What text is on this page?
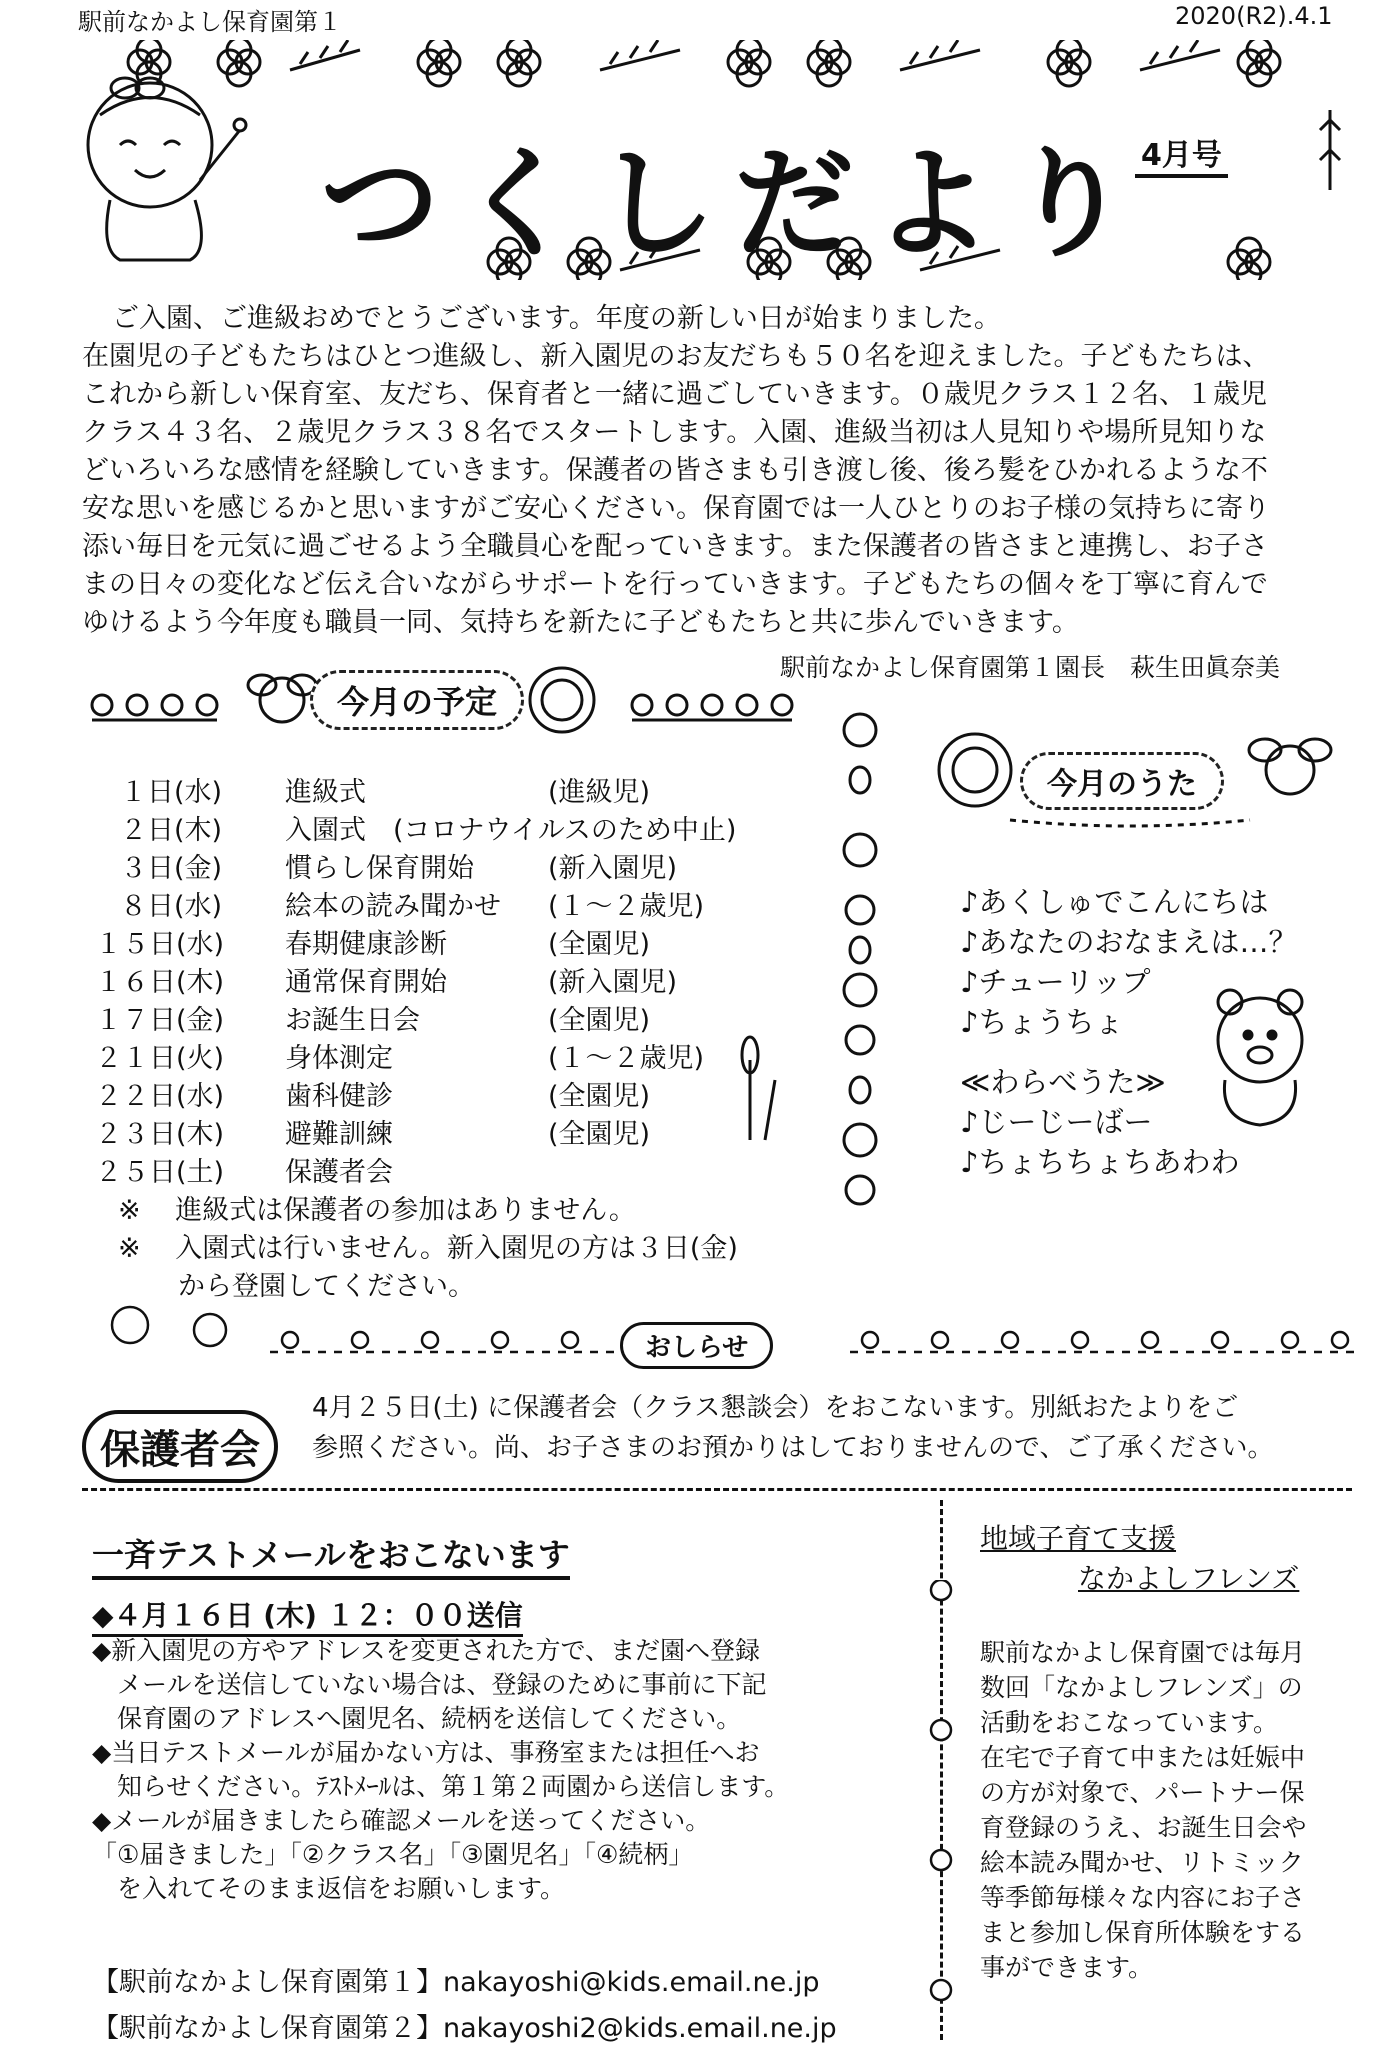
駅前なかよし保育園第１	2020(R2).4.1
つくしだより
4月号

ご入園、ご進級おめでとうございます。年度の新しい日が始まりました。

在園児の子どもたちはひとつ進級し、新入園児のお友だちも５０名を迎えました。子どもたちは、

これから新しい保育室、友だち、保育者と一緒に過ごしていきます。０歳児クラス１２名、１歳児

クラス４３名、２歳児クラス３８名でスタートします。入園、進級当初は人見知りや場所見知りな

どいろいろな感情を経験していきます。保護者の皆さまも引き渡し後、後ろ髪をひかれるような不

安な思いを感じるかと思いますがご安心ください。保育園では一人ひとりのお子様の気持ちに寄り

添い毎日を元気に過ごせるよう全職員心を配っていきます。また保護者の皆さまと連携し、お子さ

まの日々の変化など伝え合いながらサポートを行っていきます。子どもたちの個々を丁寧に育んで

ゆけるよう今年度も職員一同、気持ちを新たに子どもたちと共に歩んでいきます。

駅前なかよし保育園第１園長　萩生田眞奈美
今月の予定
１日(水) 進級式	(進級児)
２日(木) 入園式　(コロナウイルスのため中止)
３日(金) 慣らし保育開始	(新入園児)
８日(水) 絵本の読み聞かせ (１～２歳児)
１５日(水) 春期健康診断	(全園児)
１６日(木) 通常保育開始	(新入園児)
１７日(金) お誕生日会	(全園児)
２１日(火) 身体測定	(１～２歳児)
２２日(水) 歯科健診	(全園児)
２３日(木) 避難訓練	(全園児)
２５日(土) 保護者会
※ 進級式は保護者の参加はありません。
※ 入園式は行いません。新入園児の方は３日(金)
から登園してください。
今月のうた
♪あくしゅでこんにちは
♪あなたのおなまえは…？
♪チューリップ
♪ちょうちょ
≪わらべうた≫
♪じーじーばー
♪ちょちちょちあわわ
おしらせ
保護者会
4月２５日(土) に保護者会（クラス懇談会）をおこないます。別紙おたよりをご
参照ください。尚、お子さまのお預かりはしておりませんので、ご了承ください。
一斉テストメールをおこないます
◆４月１６日 (木) １２：００送信
◆新入園児の方やアドレスを変更された方で、まだ園へ登録
　メールを送信していない場合は、登録のために事前に下記
　保育園のアドレスへ園児名、続柄を送信してください。
◆当日テストメールが届かない方は、事務室または担任へお
　知らせください。ﾃｽﾄﾒｰﾙは、第１第２両園から送信します。
◆メールが届きましたら確認メールを送ってください。
「①届きました」「②クラス名」「③園児名」「④続柄」
　を入れてそのまま返信をお願いします。
【駅前なかよし保育園第１】nakayoshi@kids.email.ne.jp
【駅前なかよし保育園第２】nakayoshi2@kids.email.ne.jp
地域子育て支援
なかよしフレンズ
駅前なかよし保育園では毎月
数回「なかよしフレンズ」の
活動をおこなっています。
在宅で子育て中または妊娠中
の方が対象で、パートナー保
育登録のうえ、お誕生日会や
絵本読み聞かせ、リトミック
等季節毎様々な内容にお子さ
まと参加し保育所体験をする
事ができます。
